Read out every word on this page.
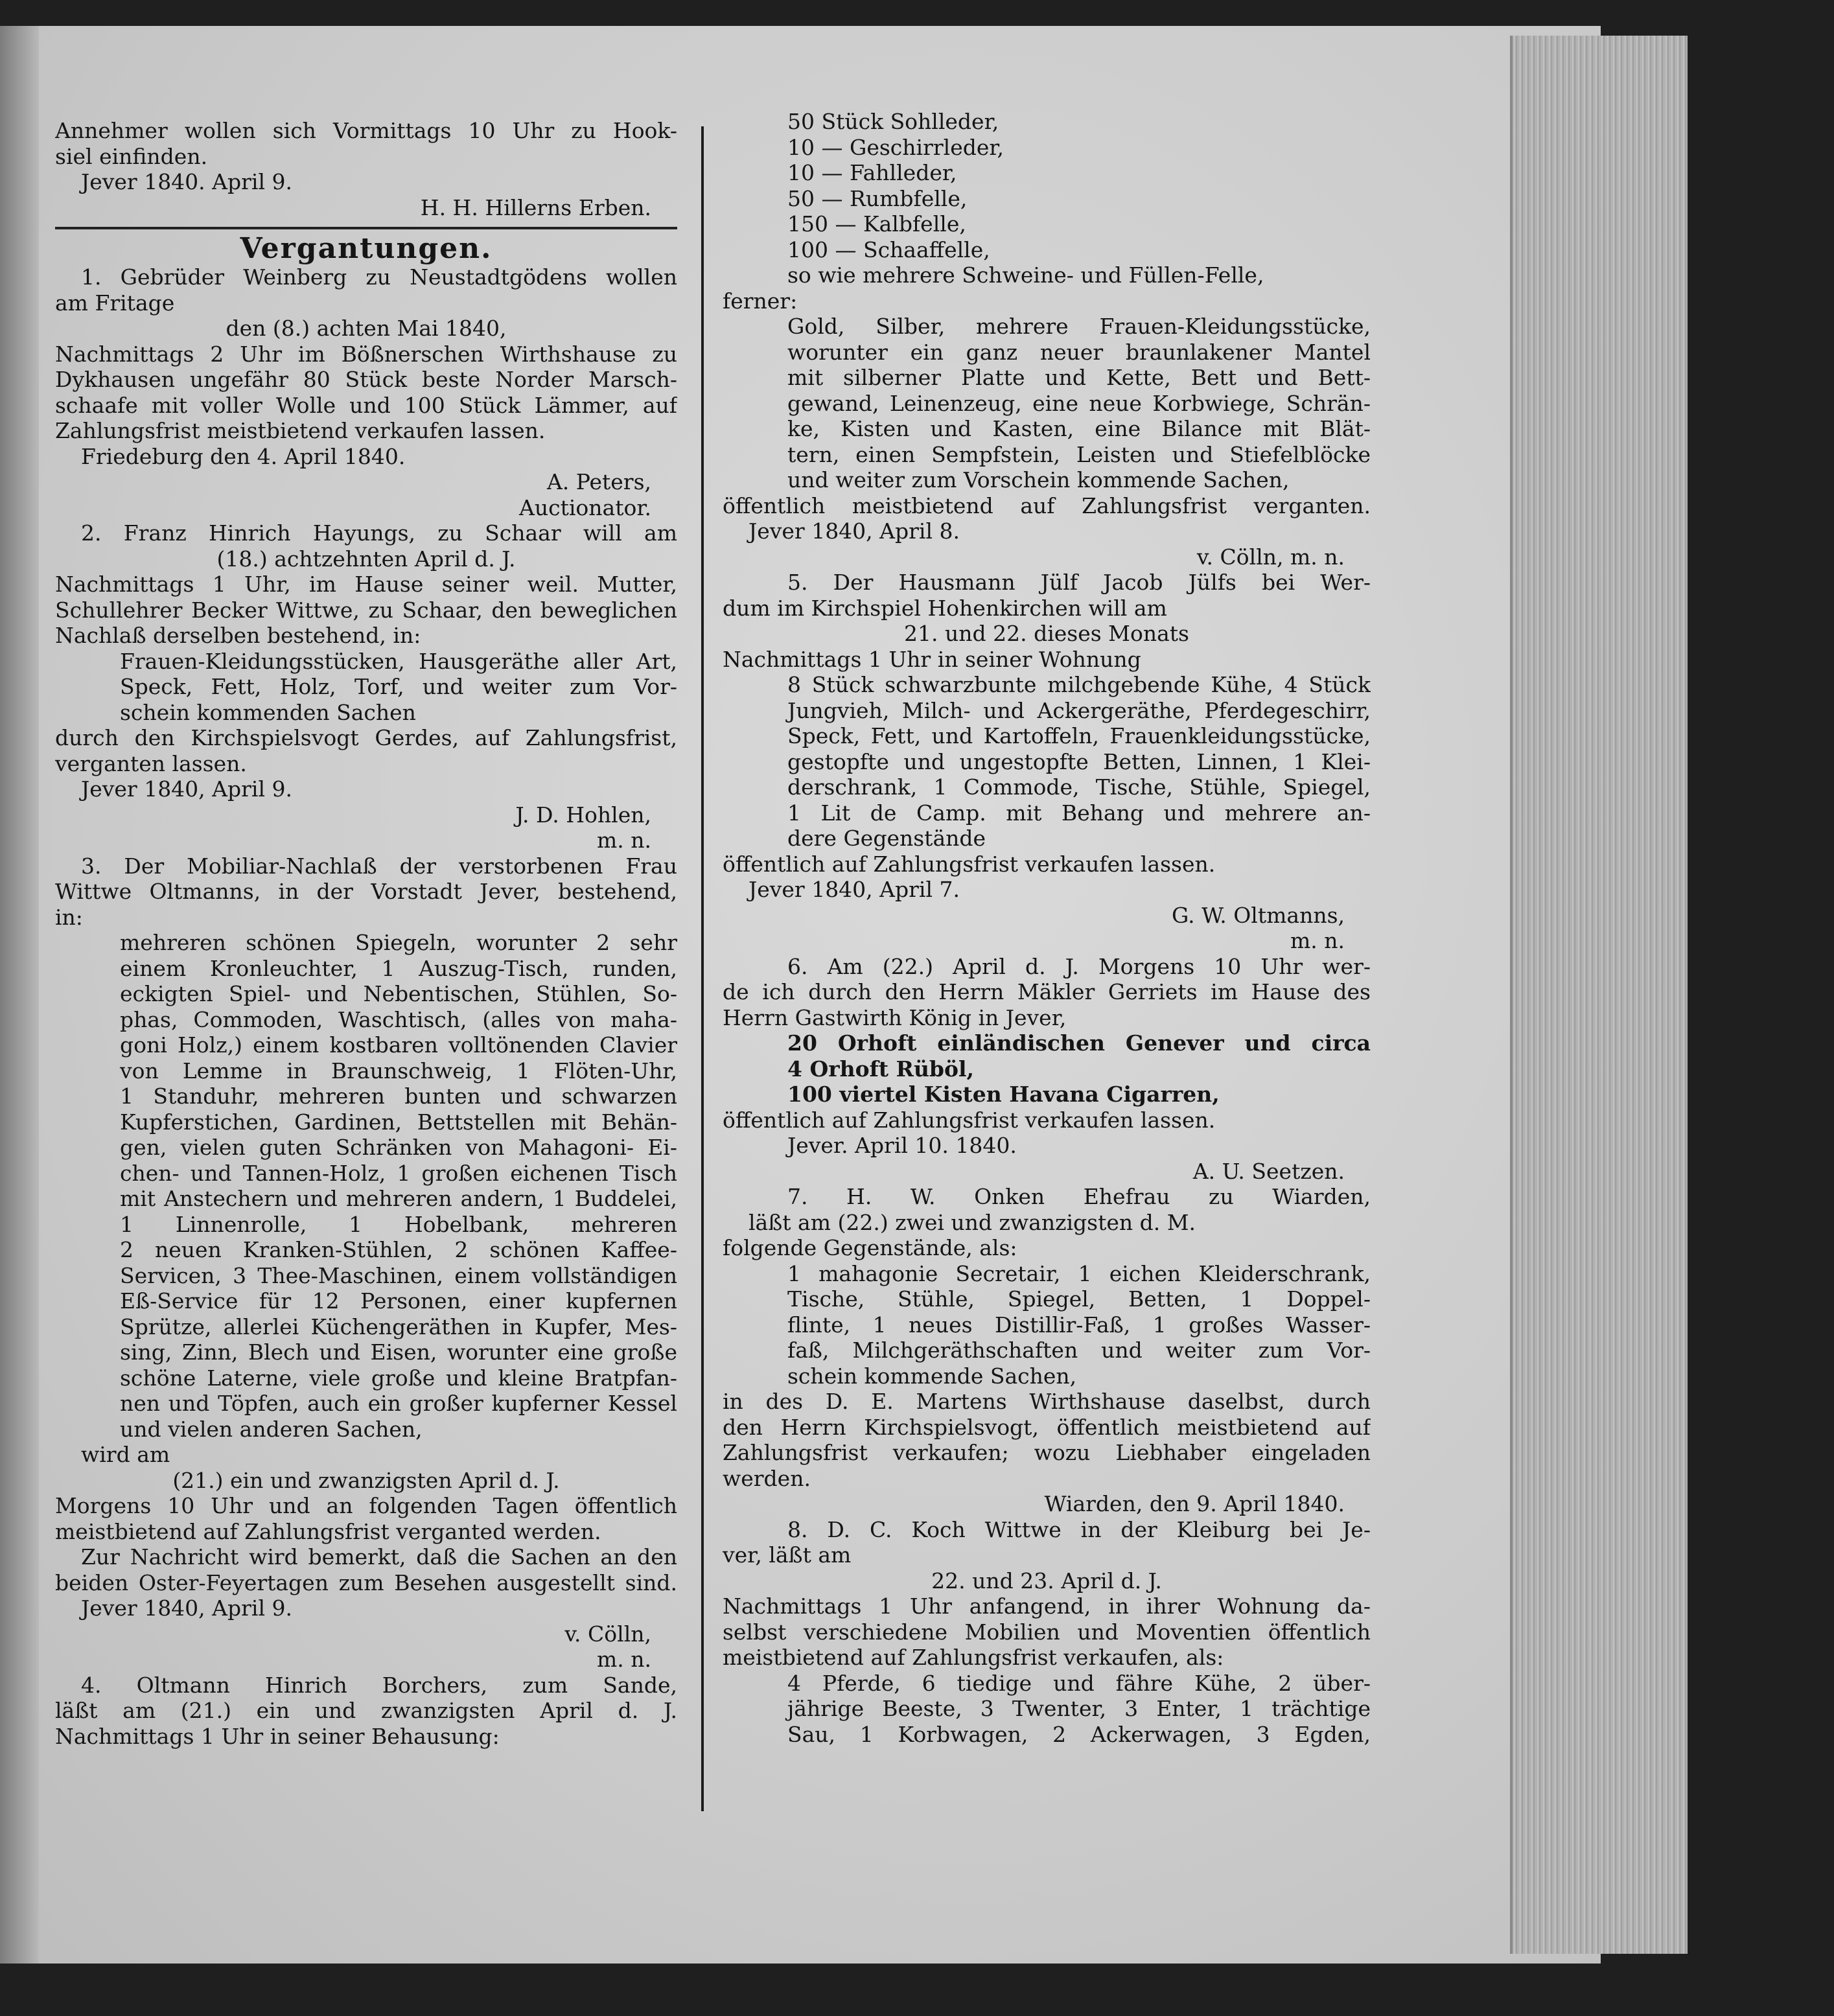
Annehmer wollen sich Vormittags 10 Uhr zu Hook-
siel einfinden.
Jever 1840. April 9.
H. H. Hillerns Erben.
Vergantungen.
1. Gebrüder Weinberg zu Neustadtgödens wollen
am Fritage
den (8.) achten Mai 1840,
Nachmittags 2 Uhr im Bößnerschen Wirthshause zu
Dykhausen ungefähr 80 Stück beste Norder Marsch-
schaafe mit voller Wolle und 100 Stück Lämmer, auf
Zahlungsfrist meistbietend verkaufen lassen.
Friedeburg den 4. April 1840.
A. Peters,
Auctionator.
2. Franz Hinrich Hayungs, zu Schaar will am
(18.) achtzehnten April d. J.
Nachmittags 1 Uhr, im Hause seiner weil. Mutter,
Schullehrer Becker Wittwe, zu Schaar, den beweglichen
Nachlaß derselben bestehend, in:
Frauen-Kleidungsstücken, Hausgeräthe aller Art,
Speck, Fett, Holz, Torf, und weiter zum Vor-
schein kommenden Sachen
durch den Kirchspielsvogt Gerdes, auf Zahlungsfrist,
verganten lassen.
Jever 1840, April 9.
J. D. Hohlen,
m. n.
3. Der Mobiliar-Nachlaß der verstorbenen Frau
Wittwe Oltmanns, in der Vorstadt Jever, bestehend,
in:
mehreren schönen Spiegeln, worunter 2 sehr
einem Kronleuchter, 1 Auszug-Tisch, runden,
eckigten Spiel- und Nebentischen, Stühlen, So-
phas, Commoden, Waschtisch, (alles von maha-
goni Holz,) einem kostbaren volltönenden Clavier
von Lemme in Braunschweig, 1 Flöten-Uhr,
1 Standuhr, mehreren bunten und schwarzen
Kupferstichen, Gardinen, Bettstellen mit Behän-
gen, vielen guten Schränken von Mahagoni- Ei-
chen- und Tannen-Holz, 1 großen eichenen Tisch
mit Anstechern und mehreren andern, 1 Buddelei,
1 Linnenrolle, 1 Hobelbank, mehreren
2 neuen Kranken-Stühlen, 2 schönen Kaffee-
Servicen, 3 Thee-Maschinen, einem vollständigen
Eß-Service für 12 Personen, einer kupfernen
Sprütze, allerlei Küchengeräthen in Kupfer, Mes-
sing, Zinn, Blech und Eisen, worunter eine große
schöne Laterne, viele große und kleine Bratpfan-
nen und Töpfen, auch ein großer kupferner Kessel
und vielen anderen Sachen,
wird am
(21.) ein und zwanzigsten April d. J.
Morgens 10 Uhr und an folgenden Tagen öffentlich
meistbietend auf Zahlungsfrist verganted werden.
Zur Nachricht wird bemerkt, daß die Sachen an den
beiden Oster-Feyertagen zum Besehen ausgestellt sind.
Jever 1840, April 9.
v. Cölln,
m. n.
4. Oltmann Hinrich Borchers, zum Sande,
läßt am (21.) ein und zwanzigsten April d. J.
Nachmittags 1 Uhr in seiner Behausung:
50 Stück Sohlleder,
10 — Geschirrleder,
10 — Fahlleder,
50 — Rumbfelle,
150 — Kalbfelle,
100 — Schaaffelle,
so wie mehrere Schweine- und Füllen-Felle,
ferner:
Gold, Silber, mehrere Frauen-Kleidungsstücke,
worunter ein ganz neuer braunlakener Mantel
mit silberner Platte und Kette, Bett und Bett-
gewand, Leinenzeug, eine neue Korbwiege, Schrän-
ke, Kisten und Kasten, eine Bilance mit Blät-
tern, einen Sempfstein, Leisten und Stiefelblöcke
und weiter zum Vorschein kommende Sachen,
öffentlich meistbietend auf Zahlungsfrist verganten.
Jever 1840, April 8.
v. Cölln, m. n.
5. Der Hausmann Jülf Jacob Jülfs bei Wer-
dum im Kirchspiel Hohenkirchen will am
21. und 22. dieses Monats
Nachmittags 1 Uhr in seiner Wohnung
8 Stück schwarzbunte milchgebende Kühe, 4 Stück
Jungvieh, Milch- und Ackergeräthe, Pferdegeschirr,
Speck, Fett, und Kartoffeln, Frauenkleidungsstücke,
gestopfte und ungestopfte Betten, Linnen, 1 Klei-
derschrank, 1 Commode, Tische, Stühle, Spiegel,
1 Lit de Camp. mit Behang und mehrere an-
dere Gegenstände
öffentlich auf Zahlungsfrist verkaufen lassen.
Jever 1840, April 7.
G. W. Oltmanns,
m. n.
6. Am (22.) April d. J. Morgens 10 Uhr wer-
de ich durch den Herrn Mäkler Gerriets im Hause des
Herrn Gastwirth König in Jever,
20 Orhoft einländischen Genever und circa
4 Orhoft Rüböl,
100 viertel Kisten Havana Cigarren,
öffentlich auf Zahlungsfrist verkaufen lassen.
Jever. April 10. 1840.
A. U. Seetzen.
7. H. W. Onken Ehefrau zu Wiarden,
läßt am (22.) zwei und zwanzigsten d. M.
folgende Gegenstände, als:
1 mahagonie Secretair, 1 eichen Kleiderschrank,
Tische, Stühle, Spiegel, Betten, 1 Doppel-
flinte, 1 neues Distillir-Faß, 1 großes Wasser-
faß, Milchgeräthschaften und weiter zum Vor-
schein kommende Sachen,
in des D. E. Martens Wirthshause daselbst, durch
den Herrn Kirchspielsvogt, öffentlich meistbietend auf
Zahlungsfrist verkaufen; wozu Liebhaber eingeladen
werden.
Wiarden, den 9. April 1840.
8. D. C. Koch Wittwe in der Kleiburg bei Je-
ver, läßt am
22. und 23. April d. J.
Nachmittags 1 Uhr anfangend, in ihrer Wohnung da-
selbst verschiedene Mobilien und Moventien öffentlich
meistbietend auf Zahlungsfrist verkaufen, als:
4 Pferde, 6 tiedige und fähre Kühe, 2 über-
jährige Beeste, 3 Twenter, 3 Enter, 1 trächtige
Sau, 1 Korbwagen, 2 Ackerwagen, 3 Egden,
